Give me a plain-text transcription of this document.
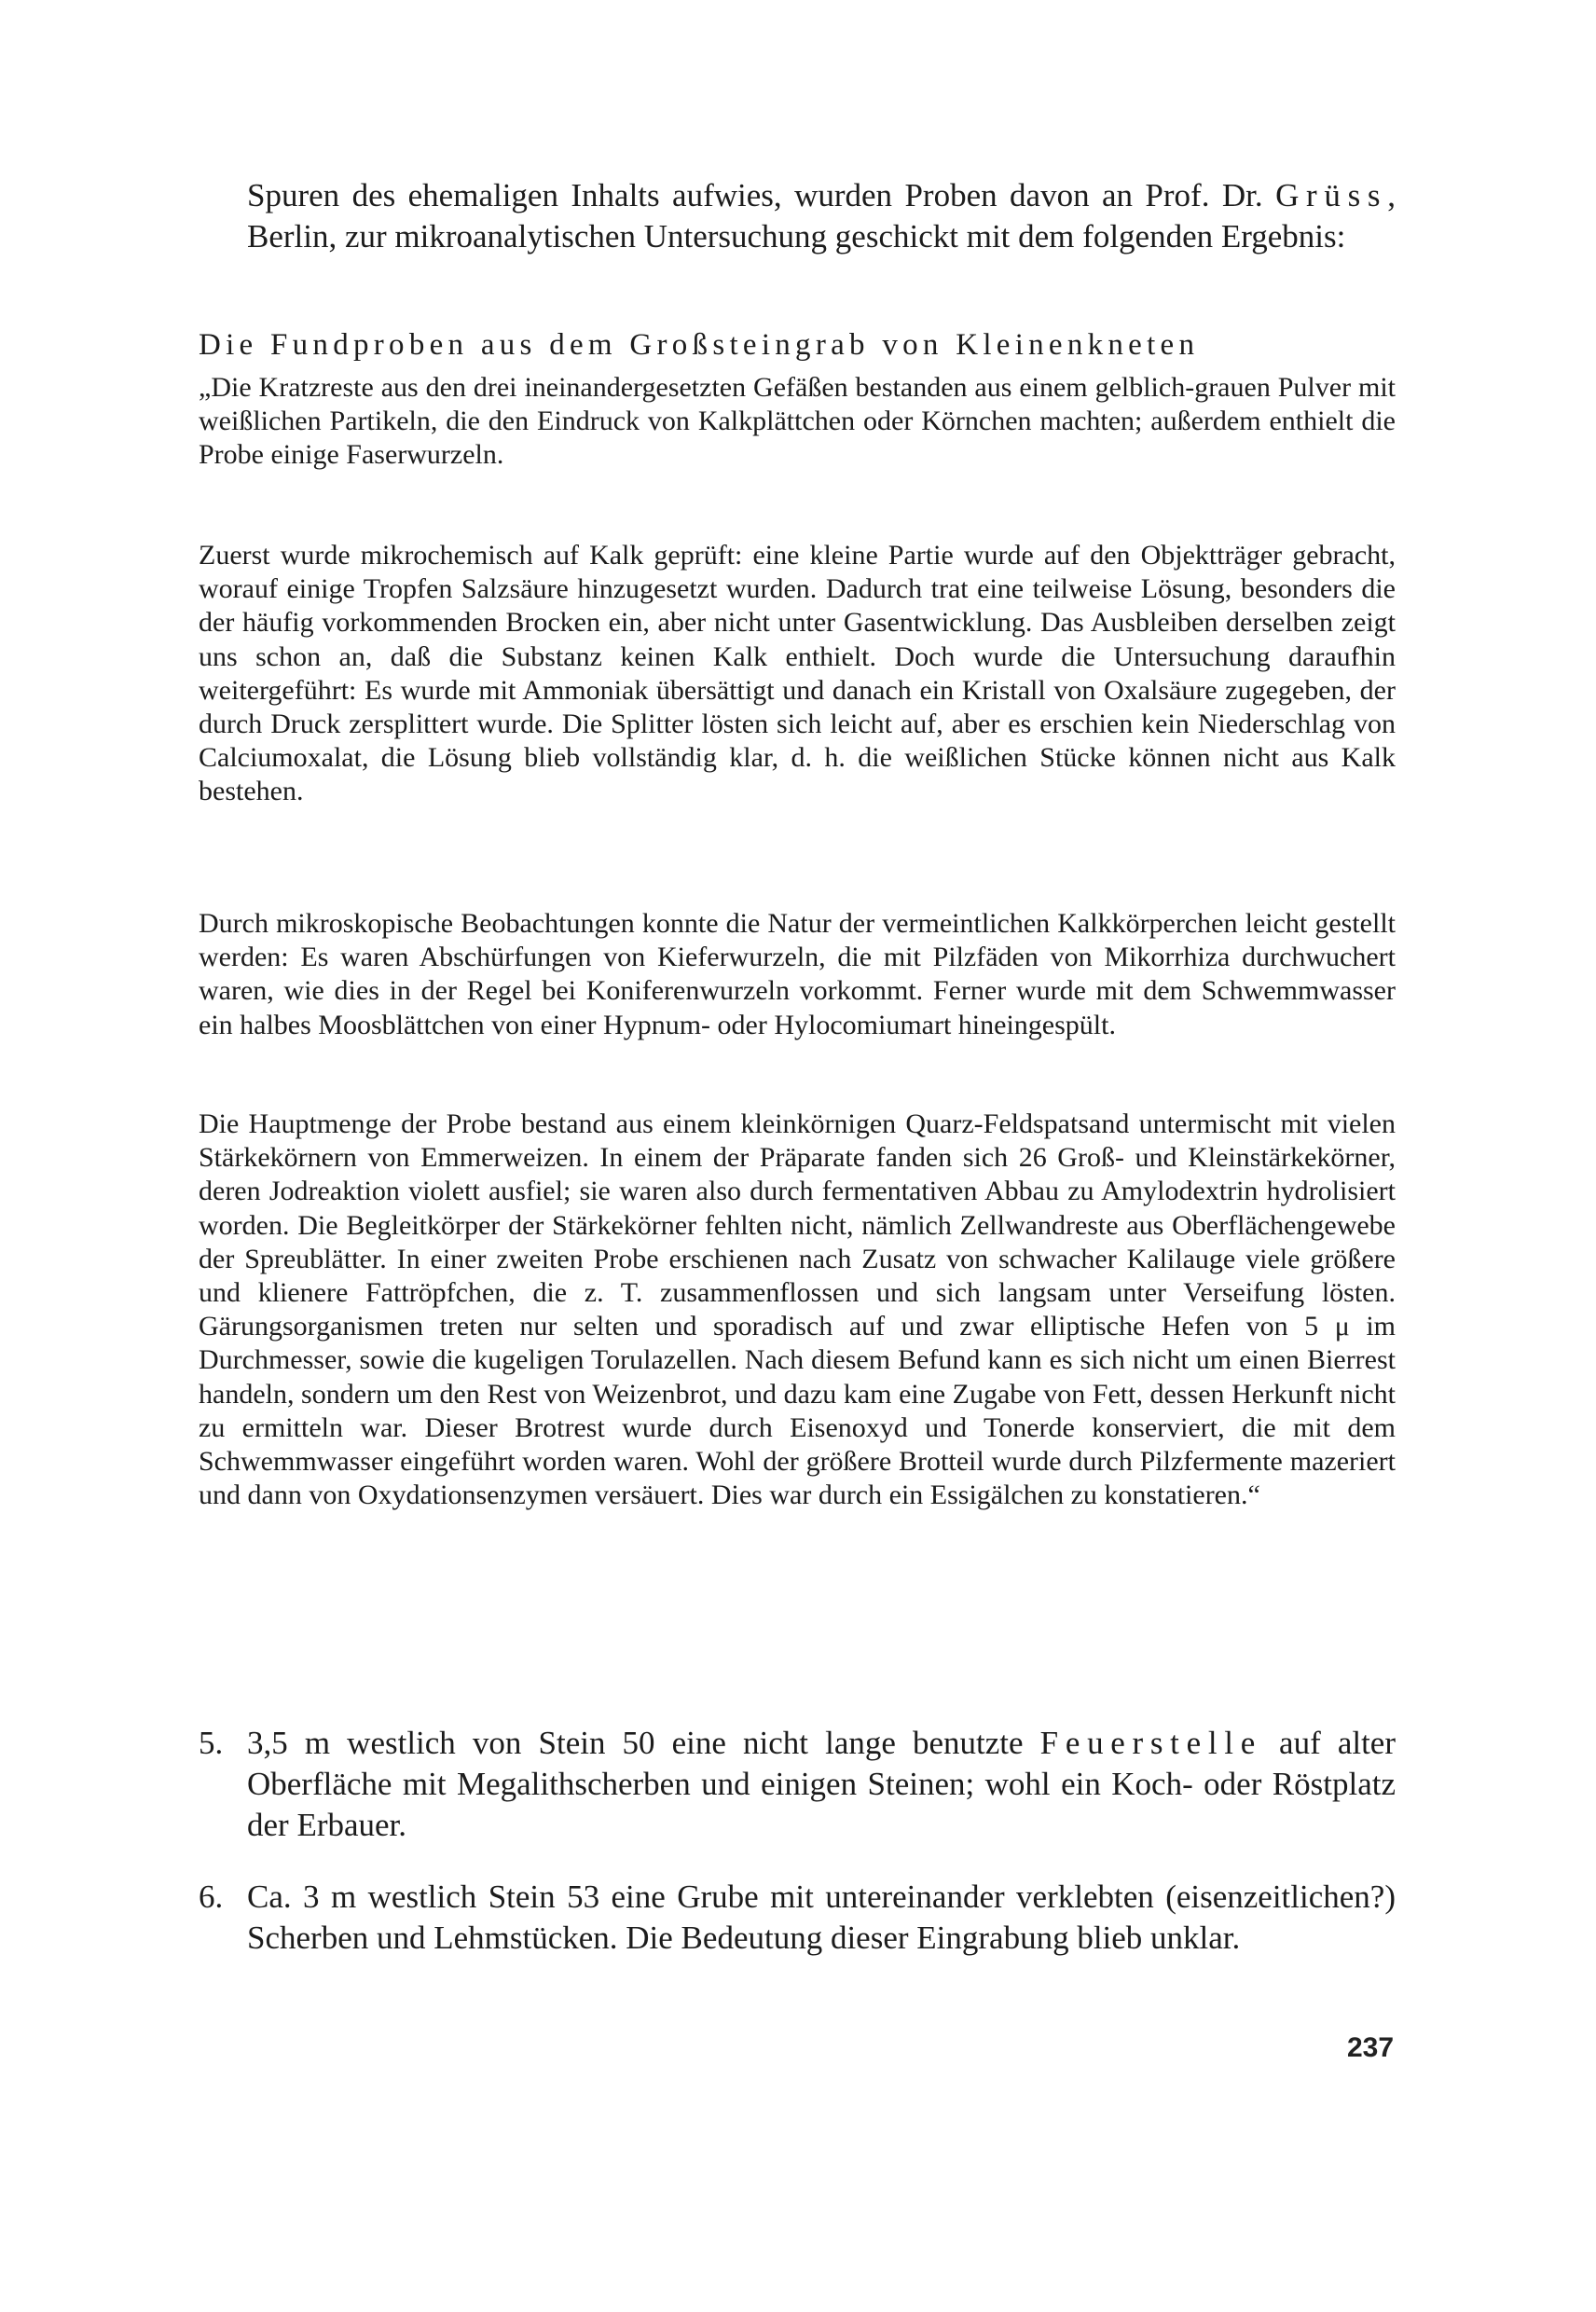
Spuren des ehemaligen Inhalts aufwies, wurden Proben davon an Prof. Dr. Grüss, Berlin, zur mikroanalytischen Untersuchung geschickt mit dem folgenden Ergebnis:

Die Fundproben aus dem Großsteingrab von Kleinenkneten

„Die Kratzreste aus den drei ineinandergesetzten Gefäßen bestanden aus einem gelblich-grauen Pulver mit weißlichen Partikeln, die den Eindruck von Kalkplättchen oder Körnchen machten; außerdem enthielt die Probe einige Faserwurzeln.

Zuerst wurde mikrochemisch auf Kalk geprüft: eine kleine Partie wurde auf den Objektträger gebracht, worauf einige Tropfen Salzsäure hinzugesetzt wurden. Dadurch trat eine teilweise Lösung, besonders die der häufig vorkommenden Brocken ein, aber nicht unter Gasentwicklung. Das Ausbleiben derselben zeigt uns schon an, daß die Substanz keinen Kalk enthielt. Doch wurde die Untersuchung daraufhin weitergeführt: Es wurde mit Ammoniak übersättigt und danach ein Kristall von Oxalsäure zugegeben, der durch Druck zersplittert wurde. Die Splitter lösten sich leicht auf, aber es erschien kein Niederschlag von Calciumoxalat, die Lösung blieb vollständig klar, d. h. die weißlichen Stücke können nicht aus Kalk bestehen.

Durch mikroskopische Beobachtungen konnte die Natur der vermeintlichen Kalkkörperchen leicht gestellt werden: Es waren Abschürfungen von Kieferwurzeln, die mit Pilzfäden von Mikorrhiza durchwuchert waren, wie dies in der Regel bei Koniferenwurzeln vorkommt. Ferner wurde mit dem Schwemmwasser ein halbes Moosblättchen von einer Hypnum- oder Hylocomiumart hineingespült.

Die Hauptmenge der Probe bestand aus einem kleinkörnigen Quarz-Feldspatsand untermischt mit vielen Stärkekörnern von Emmerweizen. In einem der Präparate fanden sich 26 Groß- und Kleinstärkekörner, deren Jodreaktion violett ausfiel; sie waren also durch fermentativen Abbau zu Amylodextrin hydrolisiert worden. Die Begleitkörper der Stärkekörner fehlten nicht, nämlich Zellwandreste aus Oberflächengewebe der Spreublätter. In einer zweiten Probe erschienen nach Zusatz von schwacher Kalilauge viele größere und klienere Fattröpfchen, die z. T. zusammenflossen und sich langsam unter Verseifung lösten. Gärungsorganismen treten nur selten und sporadisch auf und zwar elliptische Hefen von 5 μ im Durchmesser, sowie die kugeligen Torulazellen. Nach diesem Befund kann es sich nicht um einen Bierrest handeln, sondern um den Rest von Weizenbrot, und dazu kam eine Zugabe von Fett, dessen Herkunft nicht zu ermitteln war. Dieser Brotrest wurde durch Eisenoxyd und Tonerde konserviert, die mit dem Schwemmwasser eingeführt worden waren. Wohl der größere Brotteil wurde durch Pilzfermente mazeriert und dann von Oxydationsenzymen versäuert. Dies war durch ein Essigälchen zu konstatieren.“

5. 3,5 m westlich von Stein 50 eine nicht lange benutzte Feuerstelle auf alter Oberfläche mit Megalithscherben und einigen Steinen; wohl ein Koch- oder Röstplatz der Erbauer.
6. Ca. 3 m westlich Stein 53 eine Grube mit untereinander verklebten (eisenzeitlichen?) Scherben und Lehmstücken. Die Bedeutung dieser Eingrabung blieb unklar.
237
